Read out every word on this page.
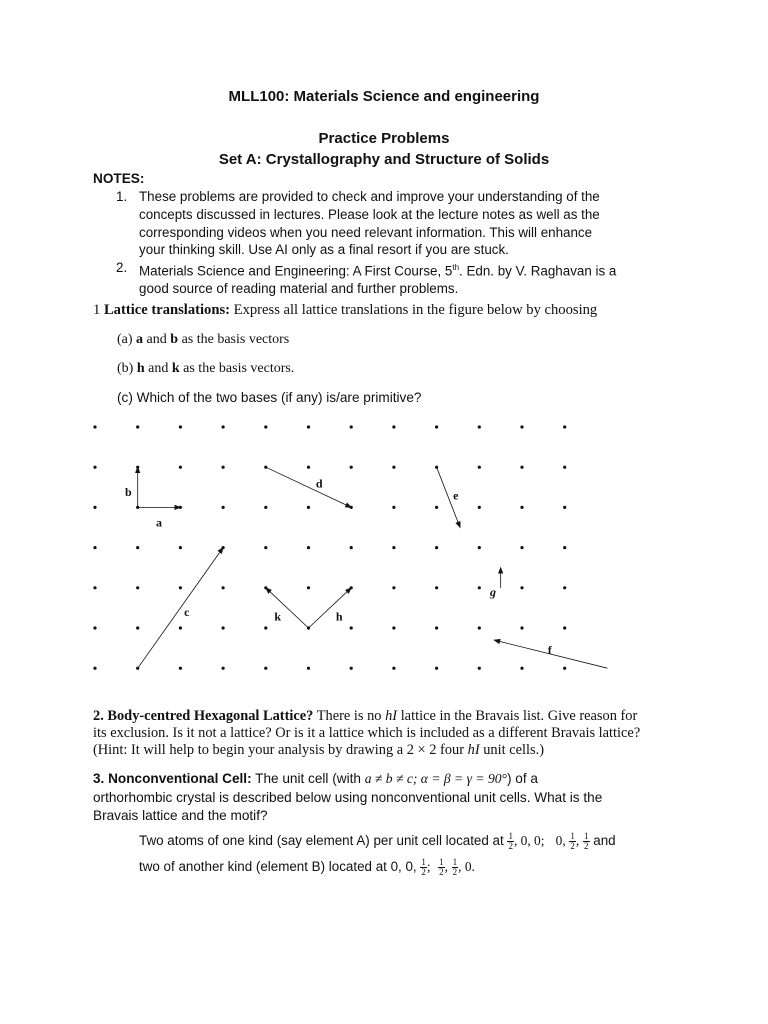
MLL100: Materials Science and engineering
Practice Problems
Set A: Crystallography and Structure of Solids
NOTES:
1. These problems are provided to check and improve your understanding of the
concepts discussed in lectures. Please look at the lecture notes as well as the
corresponding videos when you need relevant information. This will enhance
your thinking skill. Use AI only as a final resort if you are stuck.
2. Materials Science and Engineering: A First Course, 5th. Edn. by V. Raghavan is a
good source of reading material and further problems.
1 Lattice translations: Express all lattice translations in the figure below by choosing
(a) a and b as the basis vectors
(b) h and k as the basis vectors.
(c) Which of the two bases (if any) is/are primitive?
a
b
c
d
e
f
g
h
k
2. Body-centred Hexagonal Lattice? There is no hI lattice in the Bravais list. Give reason for
its exclusion. Is it not a lattice? Or is it a lattice which is included as a different Bravais lattice?
(Hint: It will help to begin your analysis by drawing a 2 × 2 four hI unit cells.)
3. Nonconventional Cell: The unit cell (with a ≠ b ≠ c; α = β = γ = 90°) of a
orthorhombic crystal is described below using nonconventional unit cells. What is the
Bravais lattice and the motif?
Two atoms of one kind (say element A) per unit cell located at $\frac{1}{2}$ , 0, 0; 0, $\frac{1}{2}$ , $\frac{1}{2}$ and
two of another kind (element B) located at 0, 0, $\frac{1}{2}$ ; $\frac{1}{2}$ , $\frac{1}{2}$ , 0.
